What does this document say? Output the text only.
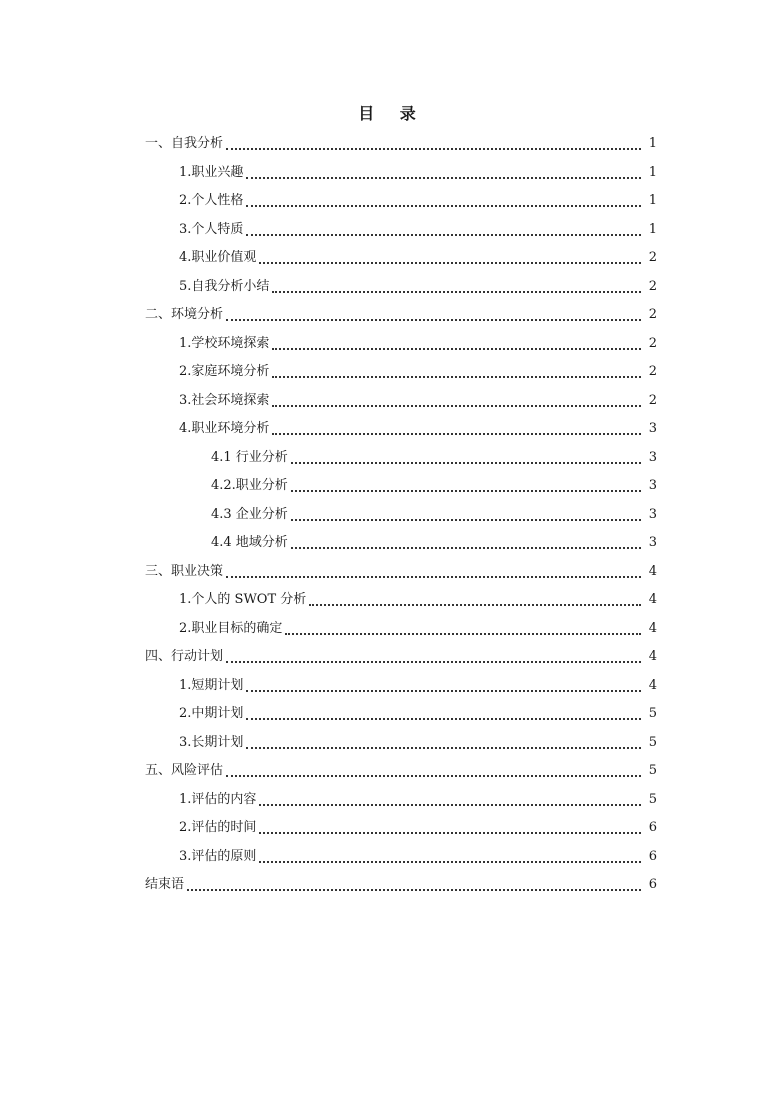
目 录
一、自我分析	1
1.职业兴趣	1
2.个人性格	1
3.个人特质	1
4.职业价值观	2
5.自我分析小结	2
二、环境分析	2
1.学校环境探索	2
2.家庭环境分析	2
3.社会环境探索	2
4.职业环境分析	3
4.1 行业分析	3
4.2.职业分析	3
4.3 企业分析	3
4.4 地域分析	3
三、职业决策	4
1.个人的 SWOT 分析	4
2.职业目标的确定	4
四、行动计划	4
1.短期计划	4
2.中期计划	5
3.长期计划	5
五、风险评估	5
1.评估的内容	5
2.评估的时间	6
3.评估的原则	6
结束语	6
